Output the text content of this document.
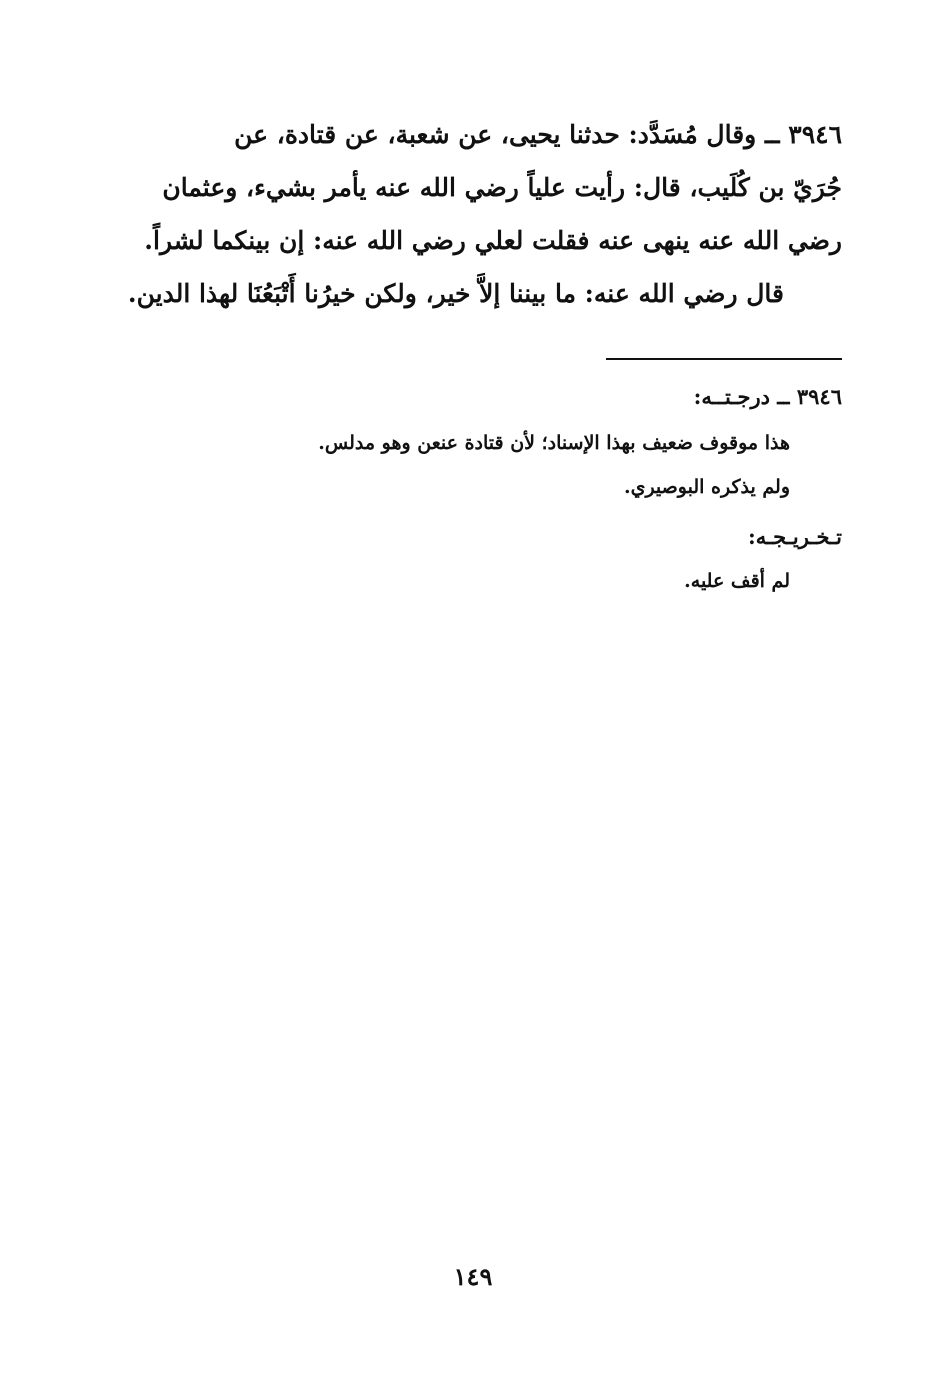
٣٩٤٦ ــ وقال مُسَدَّد: حدثنا يحيى، عن شعبة، عن قتادة، عن
جُرَيّ بن كُلَيب، قال: رأيت علياً رضي الله عنه يأمر بشيء، وعثمان
رضي الله عنه ينهى عنه فقلت لعلي رضي الله عنه: إن بينكما لشراً.
قال رضي الله عنه: ما بيننا إلاَّ خير، ولكن خيرُنا أَتْبَعُنَا لهذا الدين.
٣٩٤٦ ــ درجـتــه:
هذا موقوف ضعيف بهذا الإسناد؛ لأن قتادة عنعن وهو مدلس.
ولم يذكره البوصيري.
تـخـريـجـه:
لم أقف عليه.
١٤٩
